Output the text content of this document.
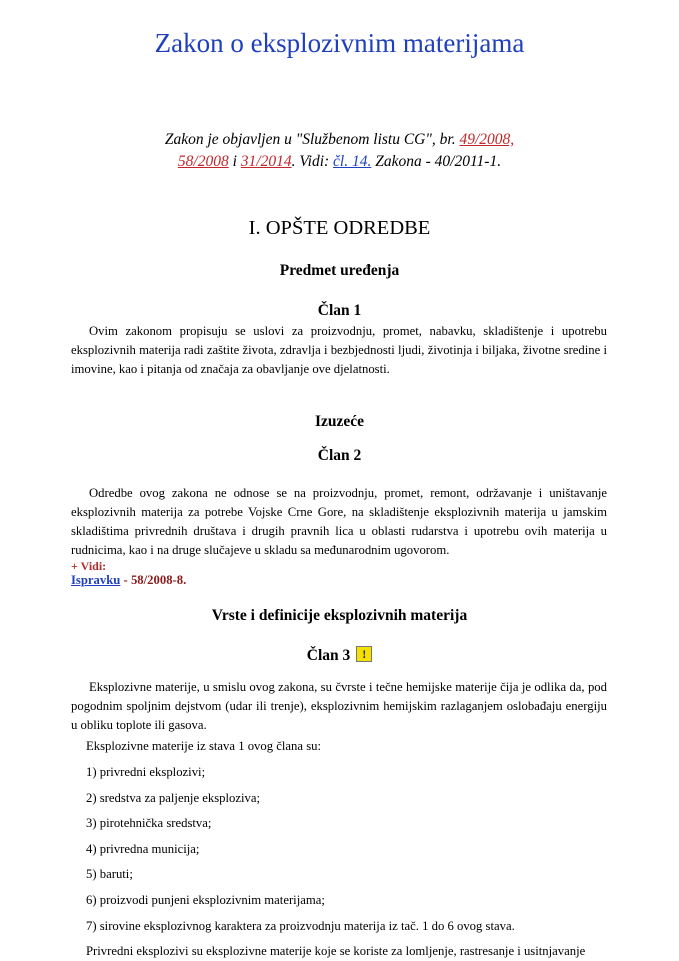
Zakon o eksplozivnim materijama
Zakon je objavljen u "Službenom listu CG", br. 49/2008,
58/2008 i 31/2014. Vidi: čl. 14. Zakona - 40/2011-1.
I. OPŠTE ODREDBE
Predmet uređenja
Član 1
Ovim zakonom propisuju se uslovi za proizvodnju, promet, nabavku, skladištenje i upotrebu eksplozivnih materija radi zaštite života, zdravlja i bezbjednosti ljudi, životinja i biljaka, životne sredine i imovine, kao i pitanja od značaja za obavljanje ove djelatnosti.
Izuzeće
Član 2
Odredbe ovog zakona ne odnose se na proizvodnju, promet, remont, održavanje i uništavanje eksplozivnih materija za potrebe Vojske Crne Gore, na skladištenje eksplozivnih materija u jamskim skladištima privrednih društava i drugih pravnih lica u oblasti rudarstva i upotrebu ovih materija u rudnicima, kao i na druge slučajeve u skladu sa međunarodnim ugovorom.
+ Vidi:
Ispravku - 58/2008-8.
Vrste i definicije eksplozivnih materija
Član 3 !
Eksplozivne materije, u smislu ovog zakona, su čvrste i tečne hemijske materije čija je odlika da, pod pogodnim spoljnim dejstvom (udar ili trenje), eksplozivnim hemijskim razlaganjem oslobađaju energiju u obliku toplote ili gasova.
Eksplozivne materije iz stava 1 ovog člana su:
1) privredni eksplozivi;
2) sredstva za paljenje eksploziva;
3) pirotehnička sredstva;
4) privredna municija;
5) baruti;
6) proizvodi punjeni eksplozivnim materijama;
7) sirovine eksplozivnog karaktera za proizvodnju materija iz tač. 1 do 6 ovog stava.
Privredni eksplozivi su eksplozivne materije koje se koriste za lomljenje, rastresanje i usitnjavanje
